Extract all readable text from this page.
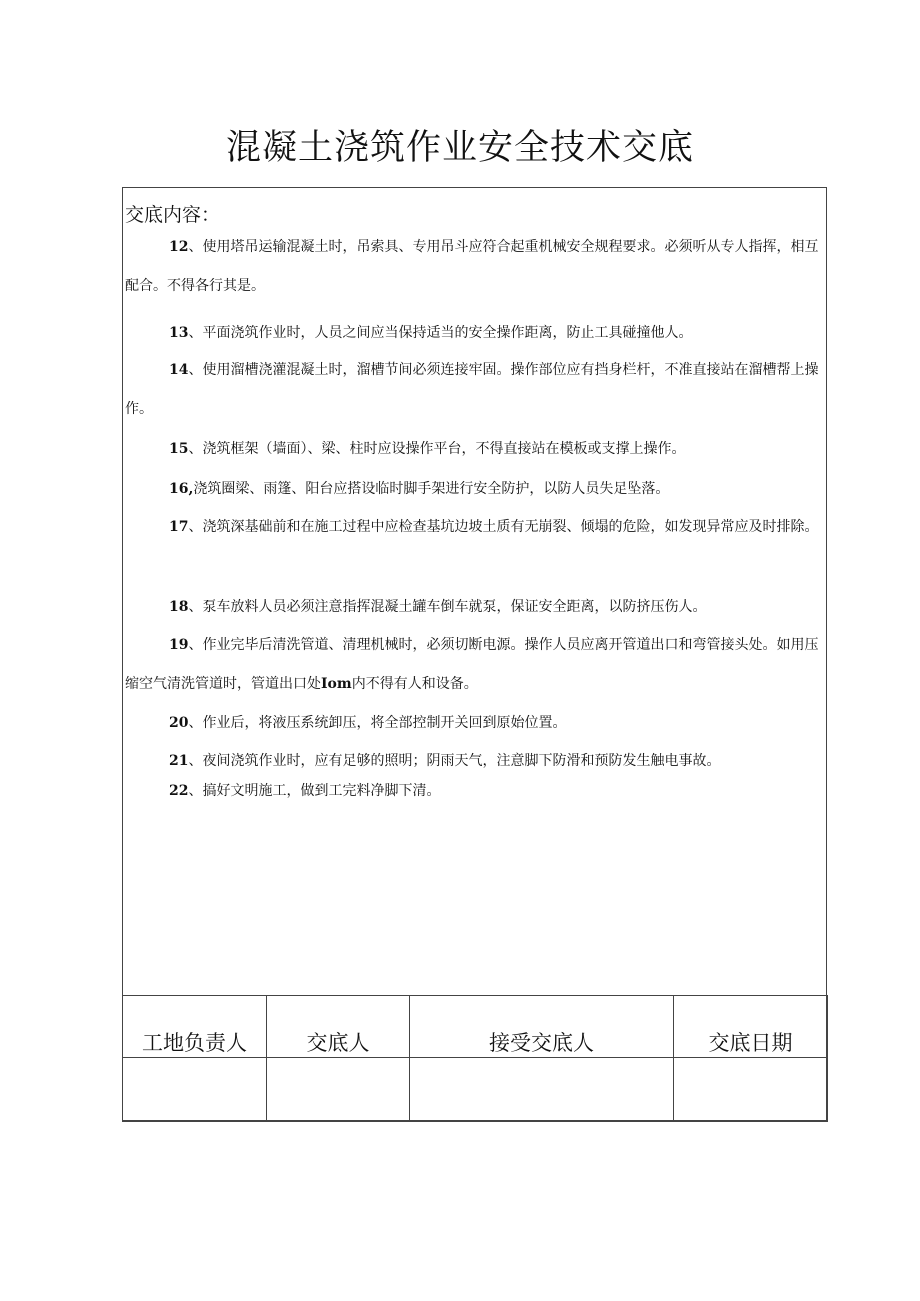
混凝土浇筑作业安全技术交底
交底内容：
12、使用塔吊运输混凝土时，吊索具、专用吊斗应符合起重机械安全规程要求。必须听从专人指挥，相互配合。不得各行其是。
13、平面浇筑作业时，人员之间应当保持适当的安全操作距离，防止工具碰撞他人。
14、使用溜槽浇灌混凝土时，溜槽节间必须连接牢固。操作部位应有挡身栏杆，不准直接站在溜槽帮上操作。
15、浇筑框架（墙面）、梁、柱时应设操作平台，不得直接站在模板或支撑上操作。
16,浇筑圈梁、雨篷、阳台应搭设临时脚手架进行安全防护，以防人员失足坠落。
17、浇筑深基础前和在施工过程中应检查基坑边坡土质有无崩裂、倾塌的危险，如发现异常应及时排除。
18、泵车放料人员必须注意指挥混凝土罐车倒车就泵，保证安全距离，以防挤压伤人。
19、作业完毕后清洗管道、清理机械时，必须切断电源。操作人员应离开管道出口和弯管接头处。如用压缩空气清洗管道时，管道出口处Iom内不得有人和设备。
20、作业后，将液压系统卸压，将全部控制开关回到原始位置。
21、夜间浇筑作业时，应有足够的照明；阴雨天气，注意脚下防滑和预防发生触电事故。
22、搞好文明施工，做到工完料净脚下清。
工地负责人	交底人	接受交底人	交底日期
